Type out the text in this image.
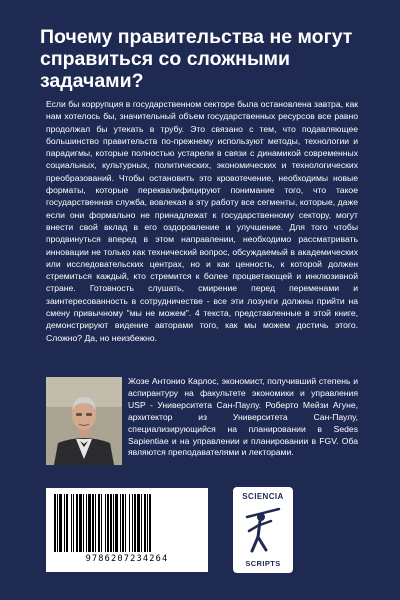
Почему правительства не могут справиться со сложными задачами?

Если бы коррупция в государственном секторе была остановлена завтра, как нам хотелось бы, значительный объем государственных ресурсов все равно продолжал бы утекать в трубу. Это связано с тем, что подавляющее большинство правительств по-прежнему используют методы, технологии и парадигмы, которые полностью устарели в связи с динамикой современных социальных, культурных, политических, экономических и технологических преобразований. Чтобы остановить это кровотечение, необходимы новые форматы, которые переквалифицируют понимание того, что такое государственная служба, вовлекая в эту работу все сегменты, которые, даже если они формально не принадлежат к государственному сектору, могут внести свой вклад в его оздоровление и улучшение. Для того чтобы продвинуться вперед в этом направлении, необходимо рассматривать инновации не только как технический вопрос, обсуждаемый в академических или исследовательских центрах, но и как ценность, к которой должен стремиться каждый, кто стремится к более процветающей и инклюзивной стране. Готовность слушать, смирение перед переменами и заинтересованность в сотрудничестве - все эти лозунги должны прийти на смену привычному "мы не можем". 4 текста, представленные в этой книге, демонстрируют видение авторами того, как мы можем достичь этого. Сложно? Да, но неизбежно.

Жозе Антонио Карлос, экономист, получивший степень и аспирантуру на факультете экономики и управления USP - Университета Сан-Паулу. Роберто Мейзи Агуне, архитектор из Университета Сан-Паулу, специализирующийся на планировании в Sedes Sapientiae и на управлении и планировании в FGV. Оба являются преподавателями и лекторами.

9786207234264
SCIENCIA
SCRIPTS
